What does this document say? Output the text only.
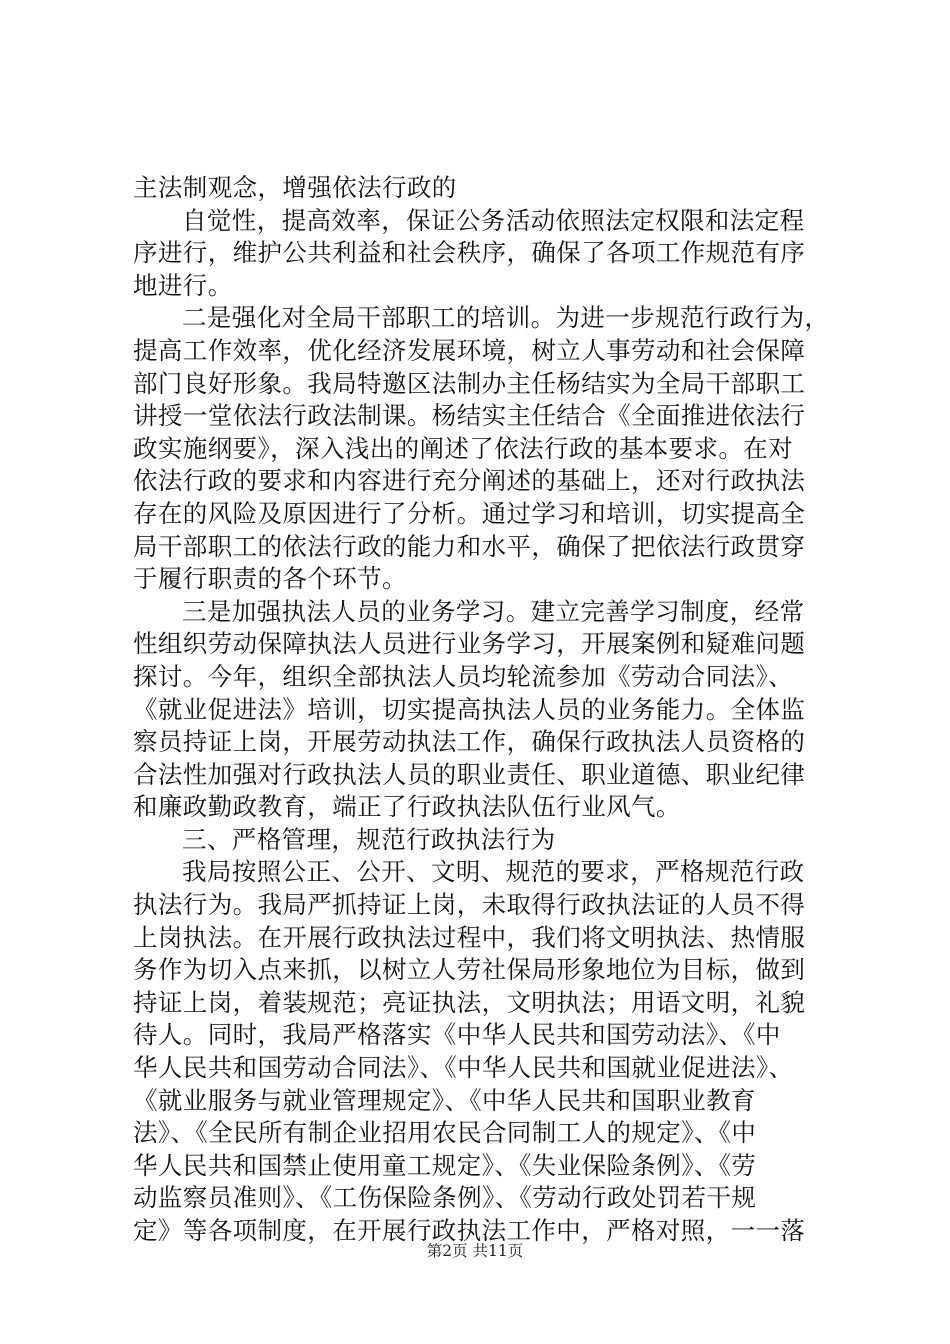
主法制观念，增强依法行政的
自觉性，提高效率，保证公务活动依照法定权限和法定程
序进行，维护公共利益和社会秩序，确保了各项工作规范有序
地进行。
二是强化对全局干部职工的培训。为进一步规范行政行为，
提高工作效率，优化经济发展环境，树立人事劳动和社会保障
部门良好形象。我局特邀区法制办主任杨结实为全局干部职工
讲授一堂依法行政法制课。杨结实主任结合《全面推进依法行
政实施纲要》，深入浅出的阐述了依法行政的基本要求。在对
依法行政的要求和内容进行充分阐述的基础上，还对行政执法
存在的风险及原因进行了分析。通过学习和培训，切实提高全
局干部职工的依法行政的能力和水平，确保了把依法行政贯穿
于履行职责的各个环节。
三是加强执法人员的业务学习。建立完善学习制度，经常
性组织劳动保障执法人员进行业务学习，开展案例和疑难问题
探讨。今年，组织全部执法人员均轮流参加《劳动合同法》、
《就业促进法》培训，切实提高执法人员的业务能力。全体监
察员持证上岗，开展劳动执法工作，确保行政执法人员资格的
合法性加强对行政执法人员的职业责任、职业道德、职业纪律
和廉政勤政教育，端正了行政执法队伍行业风气。
三、严格管理，规范行政执法行为
我局按照公正、公开、文明、规范的要求，严格规范行政
执法行为。我局严抓持证上岗，未取得行政执法证的人员不得
上岗执法。在开展行政执法过程中，我们将文明执法、热情服
务作为切入点来抓，以树立人劳社保局形象地位为目标，做到
持证上岗，着装规范；亮证执法，文明执法；用语文明，礼貌
待人。同时，我局严格落实《中华人民共和国劳动法》、《中
华人民共和国劳动合同法》、《中华人民共和国就业促进法》、
《就业服务与就业管理规定》、《中华人民共和国职业教育
法》、《全民所有制企业招用农民合同制工人的规定》、《中
华人民共和国禁止使用童工规定》、《失业保险条例》、《劳
动监察员准则》、《工伤保险条例》、《劳动行政处罚若干规
定》等各项制度，在开展行政执法工作中，严格对照，一一落
第2页 共11页
